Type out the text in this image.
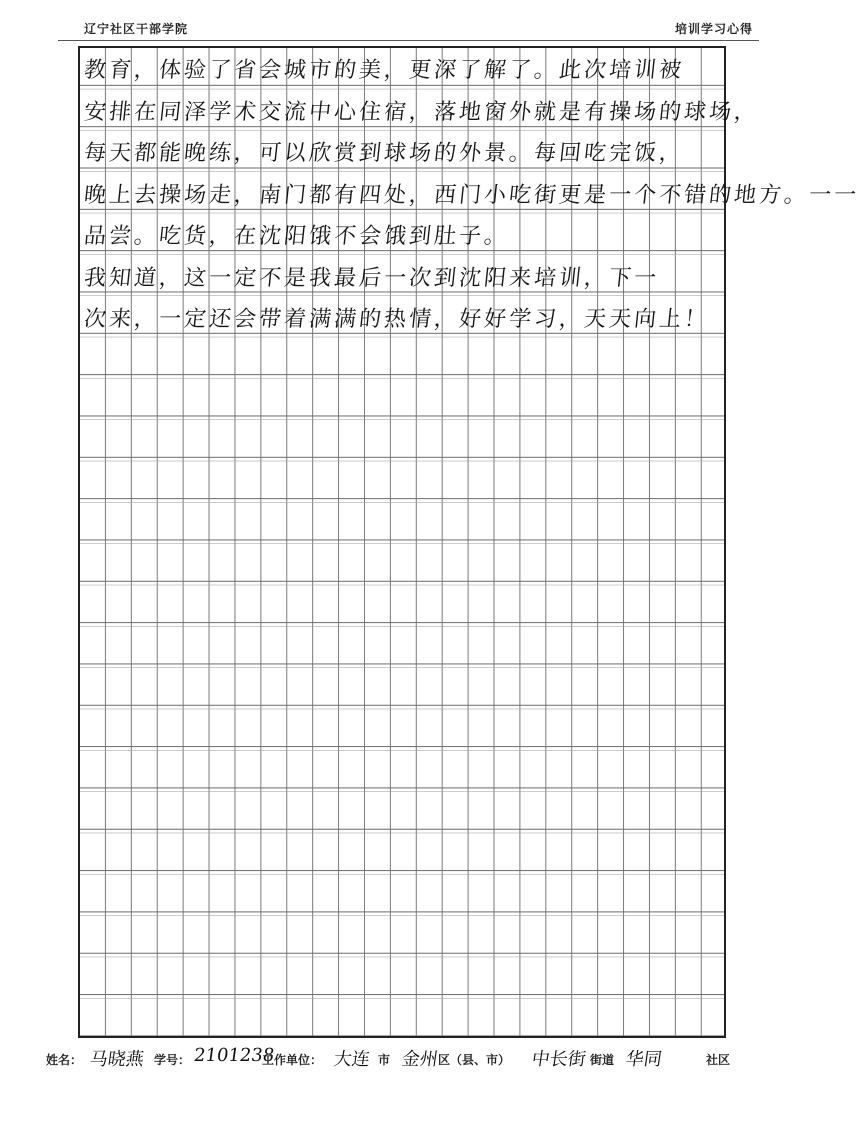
辽宁社区干部学院	培训学习心得
教育，体验了省会城市的美，更深了解了。此次培训被
安排在同泽学术交流中心住宿，落地窗外就是有操场的球场，
每天都能晚练，可以欣赏到球场的外景。每回吃完饭，
晚上去操场走，南门都有四处，西门小吃街更是一个不错的地方。一一
品尝。吃货，在沈阳饿不会饿到肚子。
我知道，这一定不是我最后一次到沈阳来培训，下一
次来，一定还会带着满满的热情，好好学习，天天向上！
姓名： 马晓燕 学号： 2101238
工作单位： 大连 市 金州
区（县、市） 中长街 街道 华同	社区
